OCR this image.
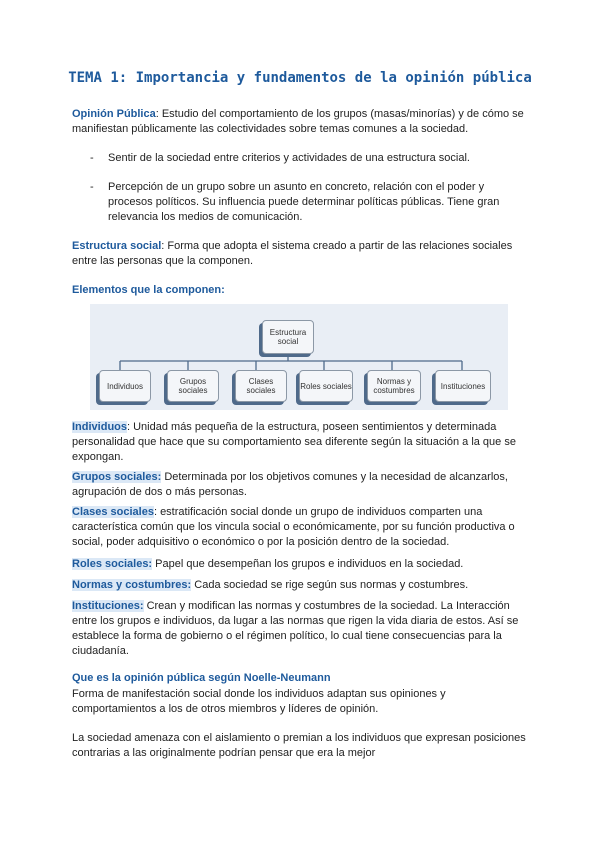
TEMA 1: Importancia y fundamentos de la opinión pública

Opinión Pública: Estudio del comportamiento de los grupos (masas/minorías) y de cómo se manifiestan públicamente las colectividades sobre temas comunes a la sociedad.

- Sentir de la sociedad entre criterios y actividades de una estructura social.
- Percepción de un grupo sobre un asunto en concreto, relación con el poder y procesos políticos. Su influencia puede determinar políticas públicas. Tiene gran relevancia los medios de comunicación.

Estructura social: Forma que adopta el sistema creado a partir de las relaciones sociales entre las personas que la componen.

Elementos que la componen:

Estructura social
Individuos	Grupos sociales
Clases sociales	Roles sociales	Normas y costumbres	Instituciones

Individuos: Unidad más pequeña de la estructura, poseen sentimientos y determinada personalidad que hace que su comportamiento sea diferente según la situación a la que se expongan.

Grupos sociales: Determinada por los objetivos comunes y la necesidad de alcanzarlos, agrupación de dos o más personas.

Clases sociales: estratificación social donde un grupo de individuos comparten una característica común que los vincula social o económicamente, por su función productiva o social, poder adquisitivo o económico o por la posición dentro de la sociedad.

Roles sociales: Papel que desempeñan los grupos e individuos en la sociedad.

Normas y costumbres: Cada sociedad se rige según sus normas y costumbres.

Instituciones: Crean y modifican las normas y costumbres de la sociedad. La Interacción entre los grupos e individuos, da lugar a las normas que rigen la vida diaria de estos. Así se establece la forma de gobierno o el régimen político, lo cual tiene consecuencias para la ciudadanía.

Que es la opinión pública según Noelle-Neumann

Forma de manifestación social donde los individuos adaptan sus opiniones y comportamientos a los de otros miembros y líderes de opinión.

La sociedad amenaza con el aislamiento o premian a los individuos que expresan posiciones contrarias a las originalmente podrían pensar que era la mejor
